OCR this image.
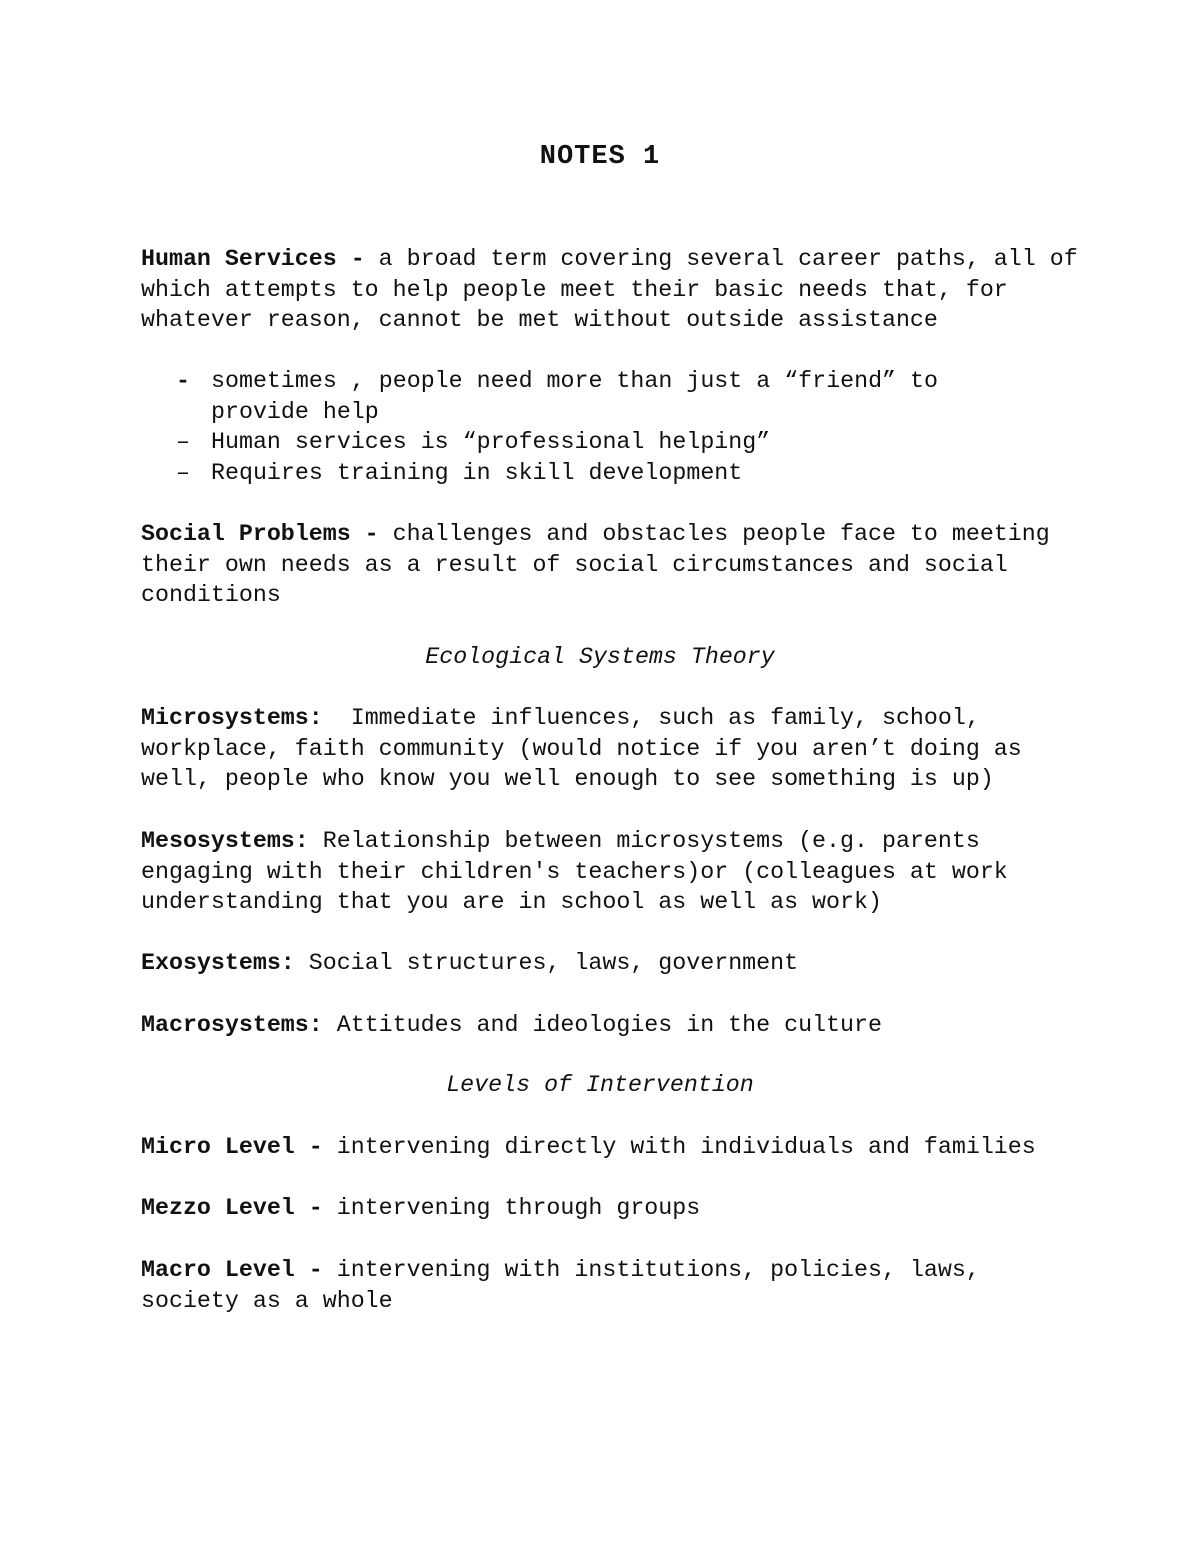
NOTES 1
Human Services - a broad term covering several career paths, all of which attempts to help people meet their basic needs that, for whatever reason, cannot be met without outside assistance
- sometimes , people need more than just a “friend” to provide help
– Human services is “professional helping”
– Requires training in skill development
Social Problems - challenges and obstacles people face to meeting their own needs as a result of social circumstances and social conditions
Ecological Systems Theory
Microsystems:  Immediate influences, such as family, school, workplace, faith community (would notice if you aren’t doing as well, people who know you well enough to see something is up)
Mesosystems: Relationship between microsystems (e.g. parents engaging with their children's teachers)or (colleagues at work understanding that you are in school as well as work)
Exosystems: Social structures, laws, government
Macrosystems: Attitudes and ideologies in the culture
Levels of Intervention
Micro Level - intervening directly with individuals and families
Mezzo Level - intervening through groups
Macro Level - intervening with institutions, policies, laws, society as a whole
